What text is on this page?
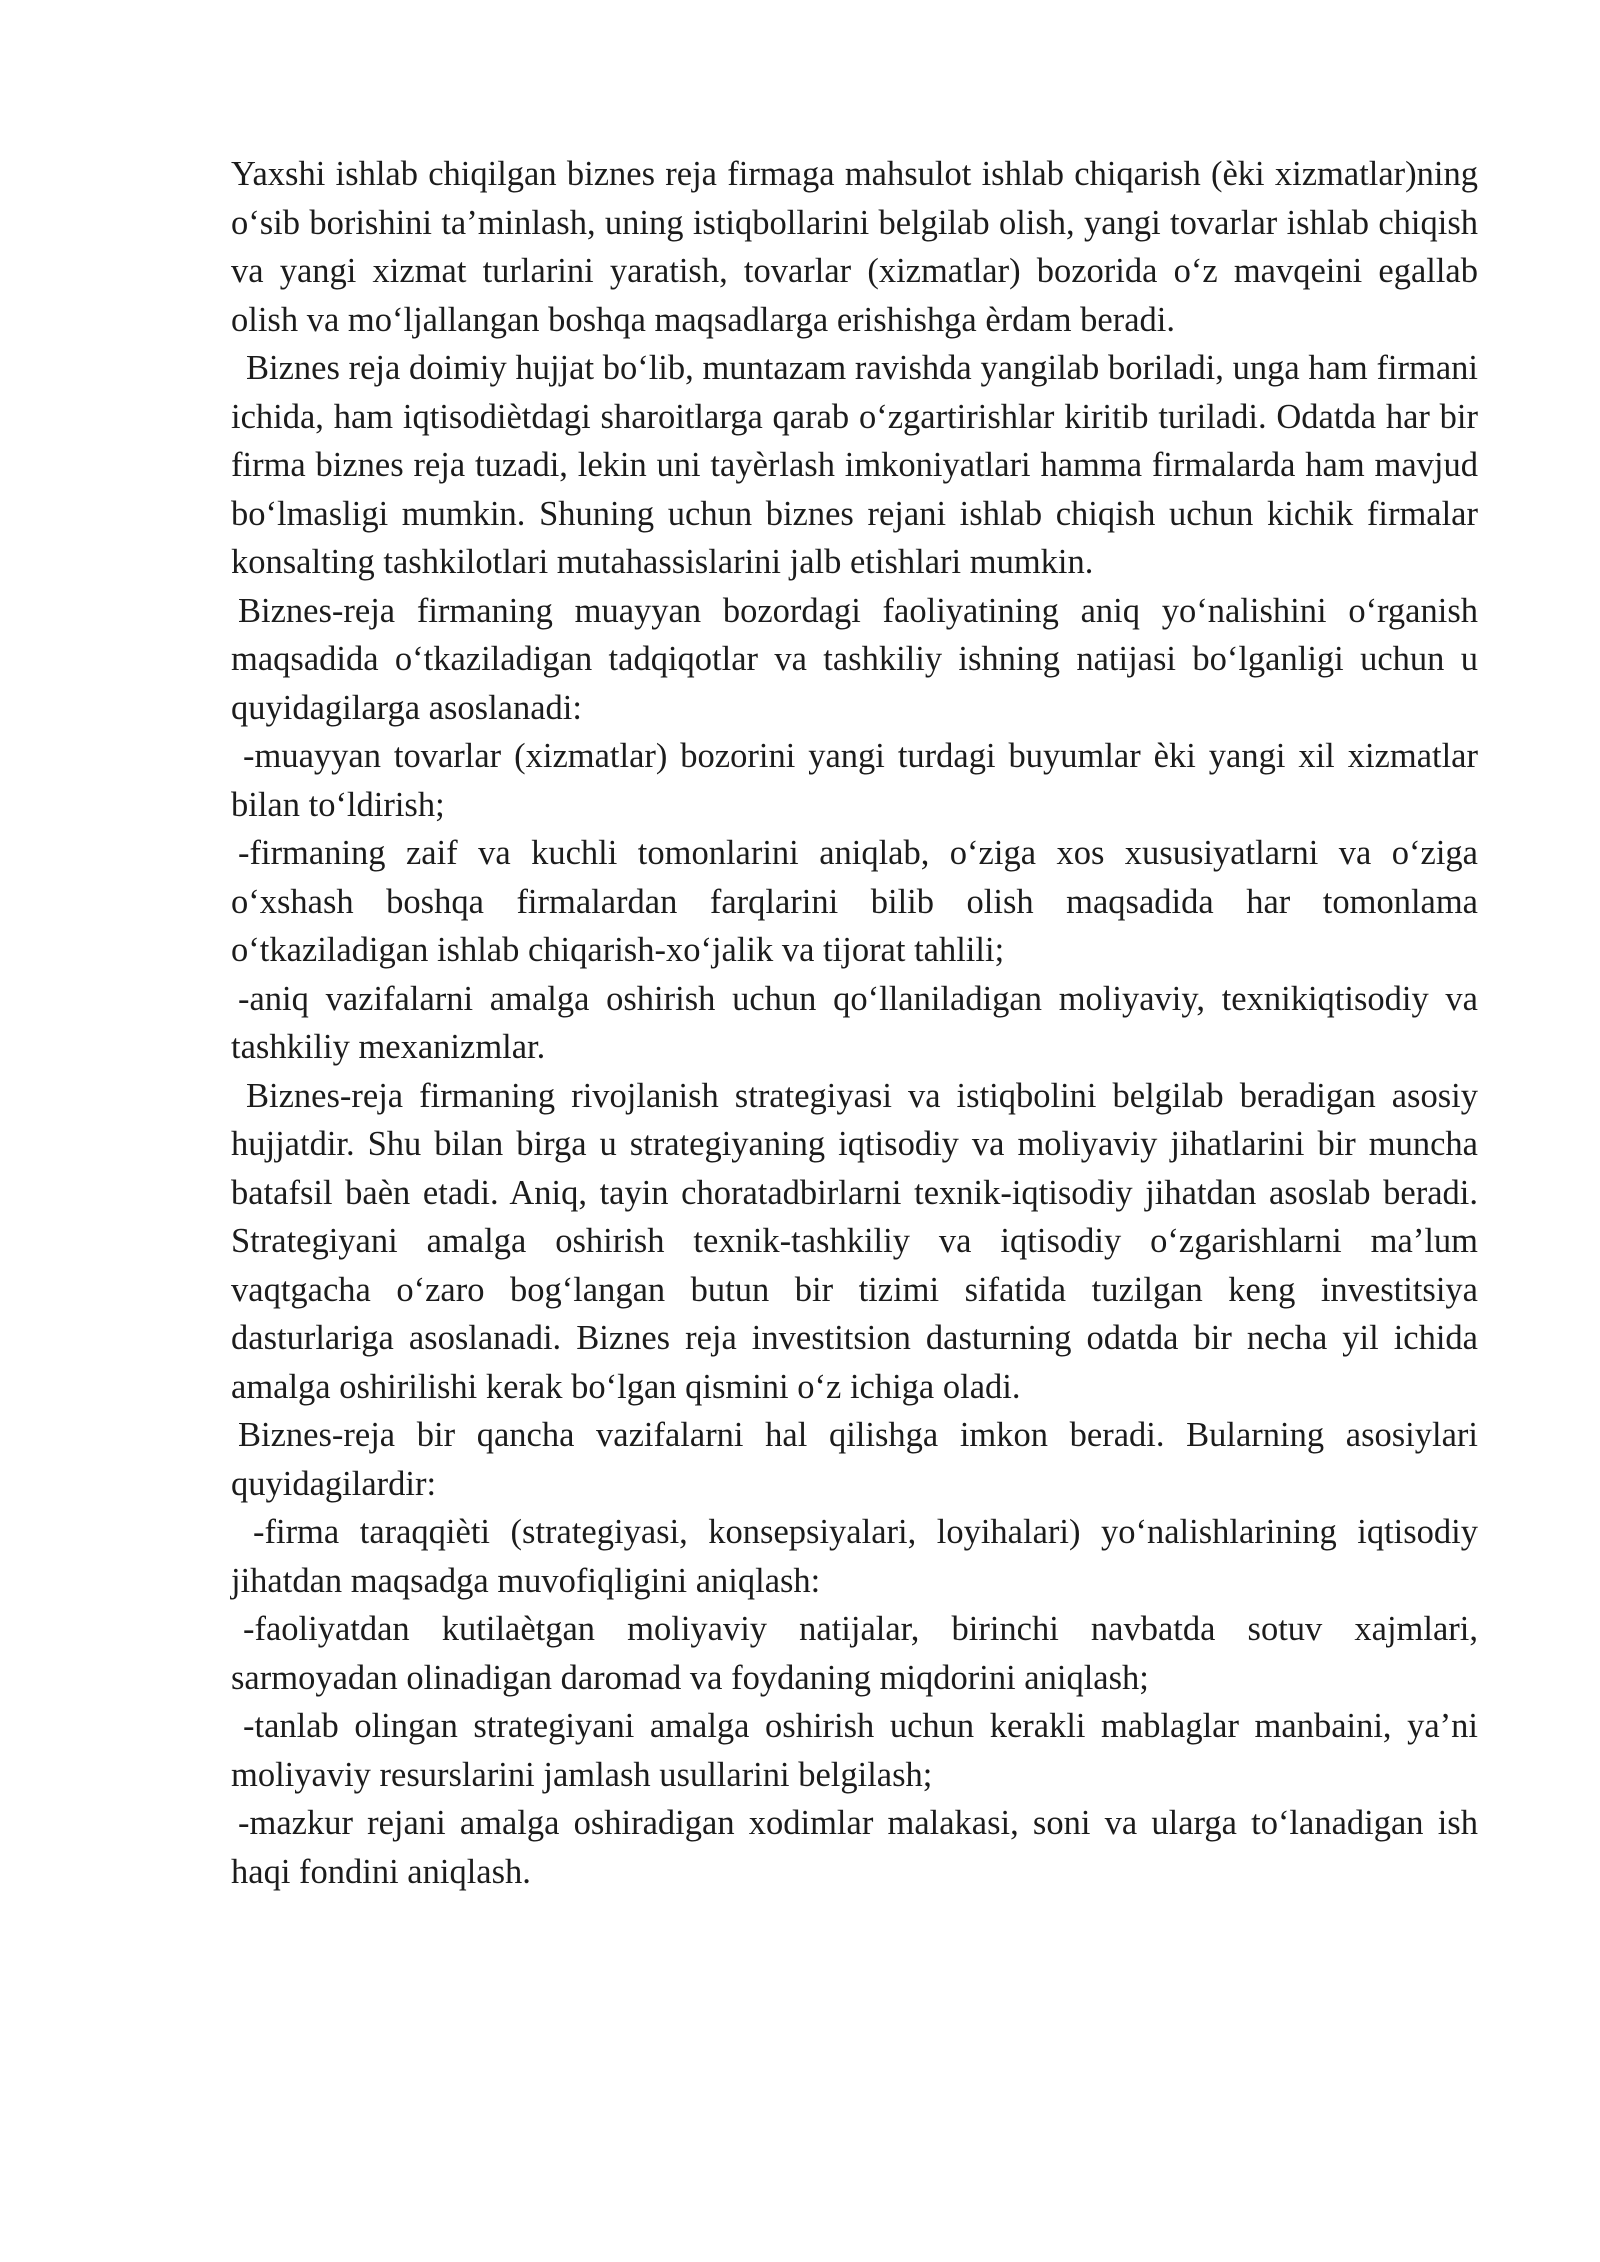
Yaxshi ishlab chiqilgan biznes reja firmaga mahsulot ishlab chiqarish (èki xizmatlar)ning o‘sib borishini ta’minlash, uning istiqbollarini belgilab olish, yangi tovarlar ishlab chiqish va yangi xizmat turlarini yaratish, tovarlar (xizmatlar) bozorida o‘z mavqeini egallab olish va mo‘ljallangan boshqa maqsadlarga erishishga èrdam beradi.

Biznes reja doimiy hujjat bo‘lib, muntazam ravishda yangilab boriladi, unga ham firmani ichida, ham iqtisodiètdagi sharoitlarga qarab o‘zgartirishlar kiritib turiladi. Odatda har bir firma biznes reja tuzadi, lekin uni tayèrlash imkoniyatlari hamma firmalarda ham mavjud bo‘lmasligi mumkin. Shuning uchun biznes rejani ishlab chiqish uchun kichik firmalar konsalting tashkilotlari mutahassislarini jalb etishlari mumkin.

Biznes-reja firmaning muayyan bozordagi faoliyatining aniq yo‘nalishini o‘rganish maqsadida o‘tkaziladigan tadqiqotlar va tashkiliy ishning natijasi bo‘lganligi uchun u quyidagilarga asoslanadi:

-muayyan tovarlar (xizmatlar) bozorini yangi turdagi buyumlar èki yangi xil xizmatlar bilan to‘ldirish;

-firmaning zaif va kuchli tomonlarini aniqlab, o‘ziga xos xususiyatlarni va o‘ziga o‘xshash boshqa firmalardan farqlarini bilib olish maqsadida har tomonlama o‘tkaziladigan ishlab chiqarish-xo‘jalik va tijorat tahlili;

-aniq vazifalarni amalga oshirish uchun qo‘llaniladigan moliyaviy, texnikiqtisodiy va tashkiliy mexanizmlar.

Biznes-reja firmaning rivojlanish strategiyasi va istiqbolini belgilab beradigan asosiy hujjatdir. Shu bilan birga u strategiyaning iqtisodiy va moliyaviy jihatlarini bir muncha batafsil baèn etadi. Aniq, tayin choratadbirlarni texnik-iqtisodiy jihatdan asoslab beradi. Strategiyani amalga oshirish texnik-tashkiliy va iqtisodiy o‘zgarishlarni ma’lum vaqtgacha o‘zaro bog‘langan butun bir tizimi sifatida tuzilgan keng investitsiya dasturlariga asoslanadi. Biznes reja investitsion dasturning odatda bir necha yil ichida amalga oshirilishi kerak bo‘lgan qismini o‘z ichiga oladi.

Biznes-reja bir qancha vazifalarni hal qilishga imkon beradi. Bularning asosiylari quyidagilardir:

-firma taraqqièti (strategiyasi, konsepsiyalari, loyihalari) yo‘nalishlarining iqtisodiy jihatdan maqsadga muvofiqligini aniqlash:

-faoliyatdan kutilaètgan moliyaviy natijalar, birinchi navbatda sotuv xajmlari, sarmoyadan olinadigan daromad va foydaning miqdorini aniqlash;

-tanlab olingan strategiyani amalga oshirish uchun kerakli mablaglar manbaini, ya’ni moliyaviy resurslarini jamlash usullarini belgilash;

-mazkur rejani amalga oshiradigan xodimlar malakasi, soni va ularga to‘lanadigan ish haqi fondini aniqlash.
